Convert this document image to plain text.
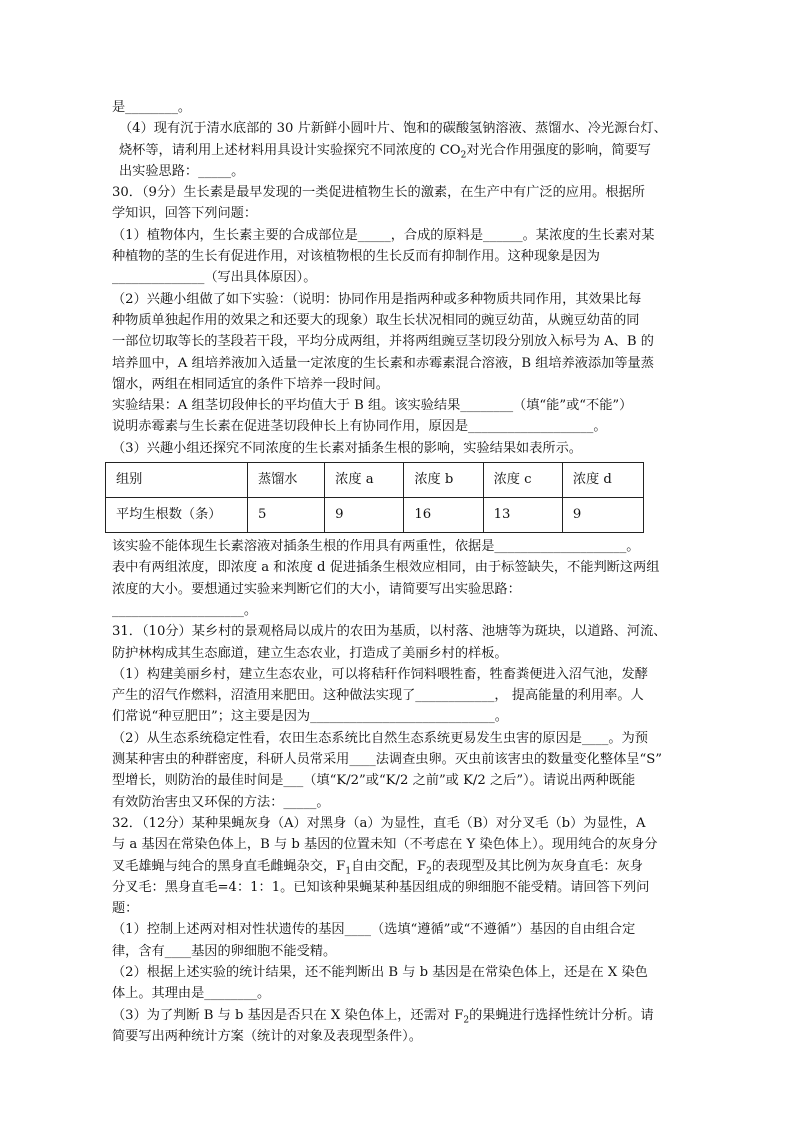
是________。

（4）现有沉于清水底部的 30 片新鲜小圆叶片、饱和的碳酸氢钠溶液、蒸馏水、冷光源台灯、

烧杯等，请利用上述材料用具设计实验探究不同浓度的 $CO_2$对光合作用强度的影响，简要写

出实验思路：_____。

30．（9分）生长素是最早发现的一类促进植物生长的激素，在生产中有广泛的应用。根据所

学知识，回答下列问题：

（1）植物体内，生长素主要的合成部位是_____，合成的原料是______。某浓度的生长素对某

种植物的茎的生长有促进作用，对该植物根的生长反而有抑制作用。这种现象是因为

______________（写出具体原因）。

（2）兴趣小组做了如下实验：（说明：协同作用是指两种或多种物质共同作用，其效果比每

种物质单独起作用的效果之和还要大的现象）取生长状况相同的豌豆幼苗，从豌豆幼苗的同

一部位切取等长的茎段若干段，平均分成两组，并将两组豌豆茎切段分别放入标号为 A、B 的

培养皿中，A 组培养液加入适量一定浓度的生长素和赤霉素混合溶液，B 组培养液添加等量蒸

馏水，两组在相同适宜的条件下培养一段时间。

实验结果：A 组茎切段伸长的平均值大于 B 组。该实验结果________（填“能”或“不能”）

说明赤霉素与生长素在促进茎切段伸长上有协同作用，原因是___________________。

（3）兴趣小组还探究不同浓度的生长素对插条生根的影响，实验结果如表所示。

组别	蒸馏水	浓度 a	浓度 b	浓度 c	浓度 d
平均生根数（条）	5	9	16	13	9

该实验不能体现生长素溶液对插条生根的作用具有两重性，依据是____________________。

表中有两组浓度，即浓度 a 和浓度 d 促进插条生根效应相同，由于标签缺失，不能判断这两组

浓度的大小。要想通过实验来判断它们的大小，请简要写出实验思路：

____________________。

31．（10分）某乡村的景观格局以成片的农田为基质，以村落、池塘等为斑块，以道路、河流、

防护林构成其生态廊道，建立生态农业，打造成了美丽乡村的样板。

（1）构建美丽乡村，建立生态农业，可以将秸秆作饲料喂牲畜，牲畜粪便进入沼气池，发酵

产生的沼气作燃料，沼渣用来肥田。这种做法实现了____________， 提高能量的利用率。人

们常说“种豆肥田”；这主要是因为____________________________。

（2）从生态系统稳定性看，农田生态系统比自然生态系统更易发生虫害的原因是____。为预

测某种害虫的种群密度，科研人员常采用____法调查虫卵。灭虫前该害虫的数量变化整体呈“S”

型增长，则防治的最佳时间是___（填“K/2”或“K/2 之前”或 K/2 之后”）。请说出两种既能

有效防治害虫又环保的方法：_____。

32．（12分）某种果蝇灰身（A）对黑身（a）为显性，直毛（B）对分叉毛（b）为显性，A

与 a 基因在常染色体上，B 与 b 基因的位置未知（不考虑在 Y 染色体上）。现用纯合的灰身分

叉毛雄蝇与纯合的黑身直毛雌蝇杂交，$F_1$自由交配，$F_2$的表现型及其比例为灰身直毛：灰身

分叉毛：黑身直毛=4：1：1。已知该种果蝇某种基因组成的卵细胞不能受精。请回答下列问

题：

（1）控制上述两对相对性状遗传的基因____（选填“遵循”或“不遵循”）基因的自由组合定

律，含有____基因的卵细胞不能受精。

（2）根据上述实验的统计结果，还不能判断出 B 与 b 基因是在常染色体上，还是在 X 染色

体上。其理由是________。

（3）为了判断 B 与 b 基因是否只在 X 染色体上，还需对 $F_2$的果蝇进行选择性统计分析。请

简要写出两种统计方案（统计的对象及表现型条件）。
